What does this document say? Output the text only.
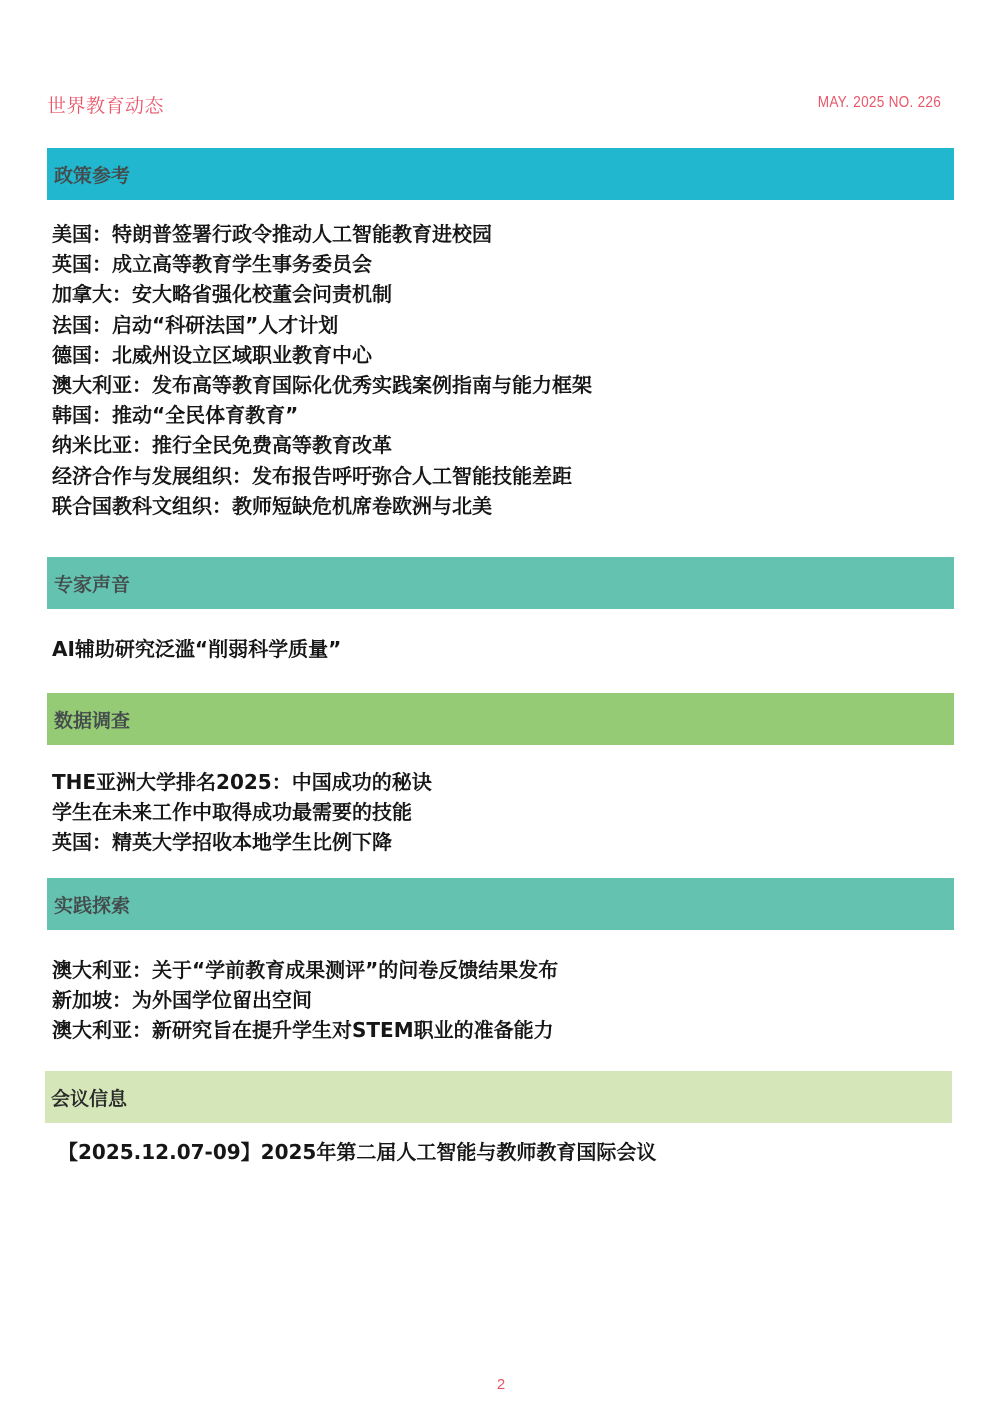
世界教育动态	MAY. 2025 NO. 226
政策参考
美国：特朗普签署行政令推动人工智能教育进校园
英国：成立高等教育学生事务委员会
加拿大：安大略省强化校董会问责机制
法国：启动“科研法国”人才计划
德国：北威州设立区域职业教育中心
澳大利亚：发布高等教育国际化优秀实践案例指南与能力框架
韩国：推动“全民体育教育”
纳米比亚：推行全民免费高等教育改革
经济合作与发展组织：发布报告呼吁弥合人工智能技能差距
联合国教科文组织：教师短缺危机席卷欧洲与北美
专家声音
AI辅助研究泛滥“削弱科学质量”
数据调查
THE亚洲大学排名2025：中国成功的秘诀
学生在未来工作中取得成功最需要的技能
英国：精英大学招收本地学生比例下降
实践探索
澳大利亚：关于“学前教育成果测评”的问卷反馈结果发布
新加坡：为外国学位留出空间
澳大利亚：新研究旨在提升学生对STEM职业的准备能力
会议信息
【2025.12.07-09】2025年第二届人工智能与教师教育国际会议
2
